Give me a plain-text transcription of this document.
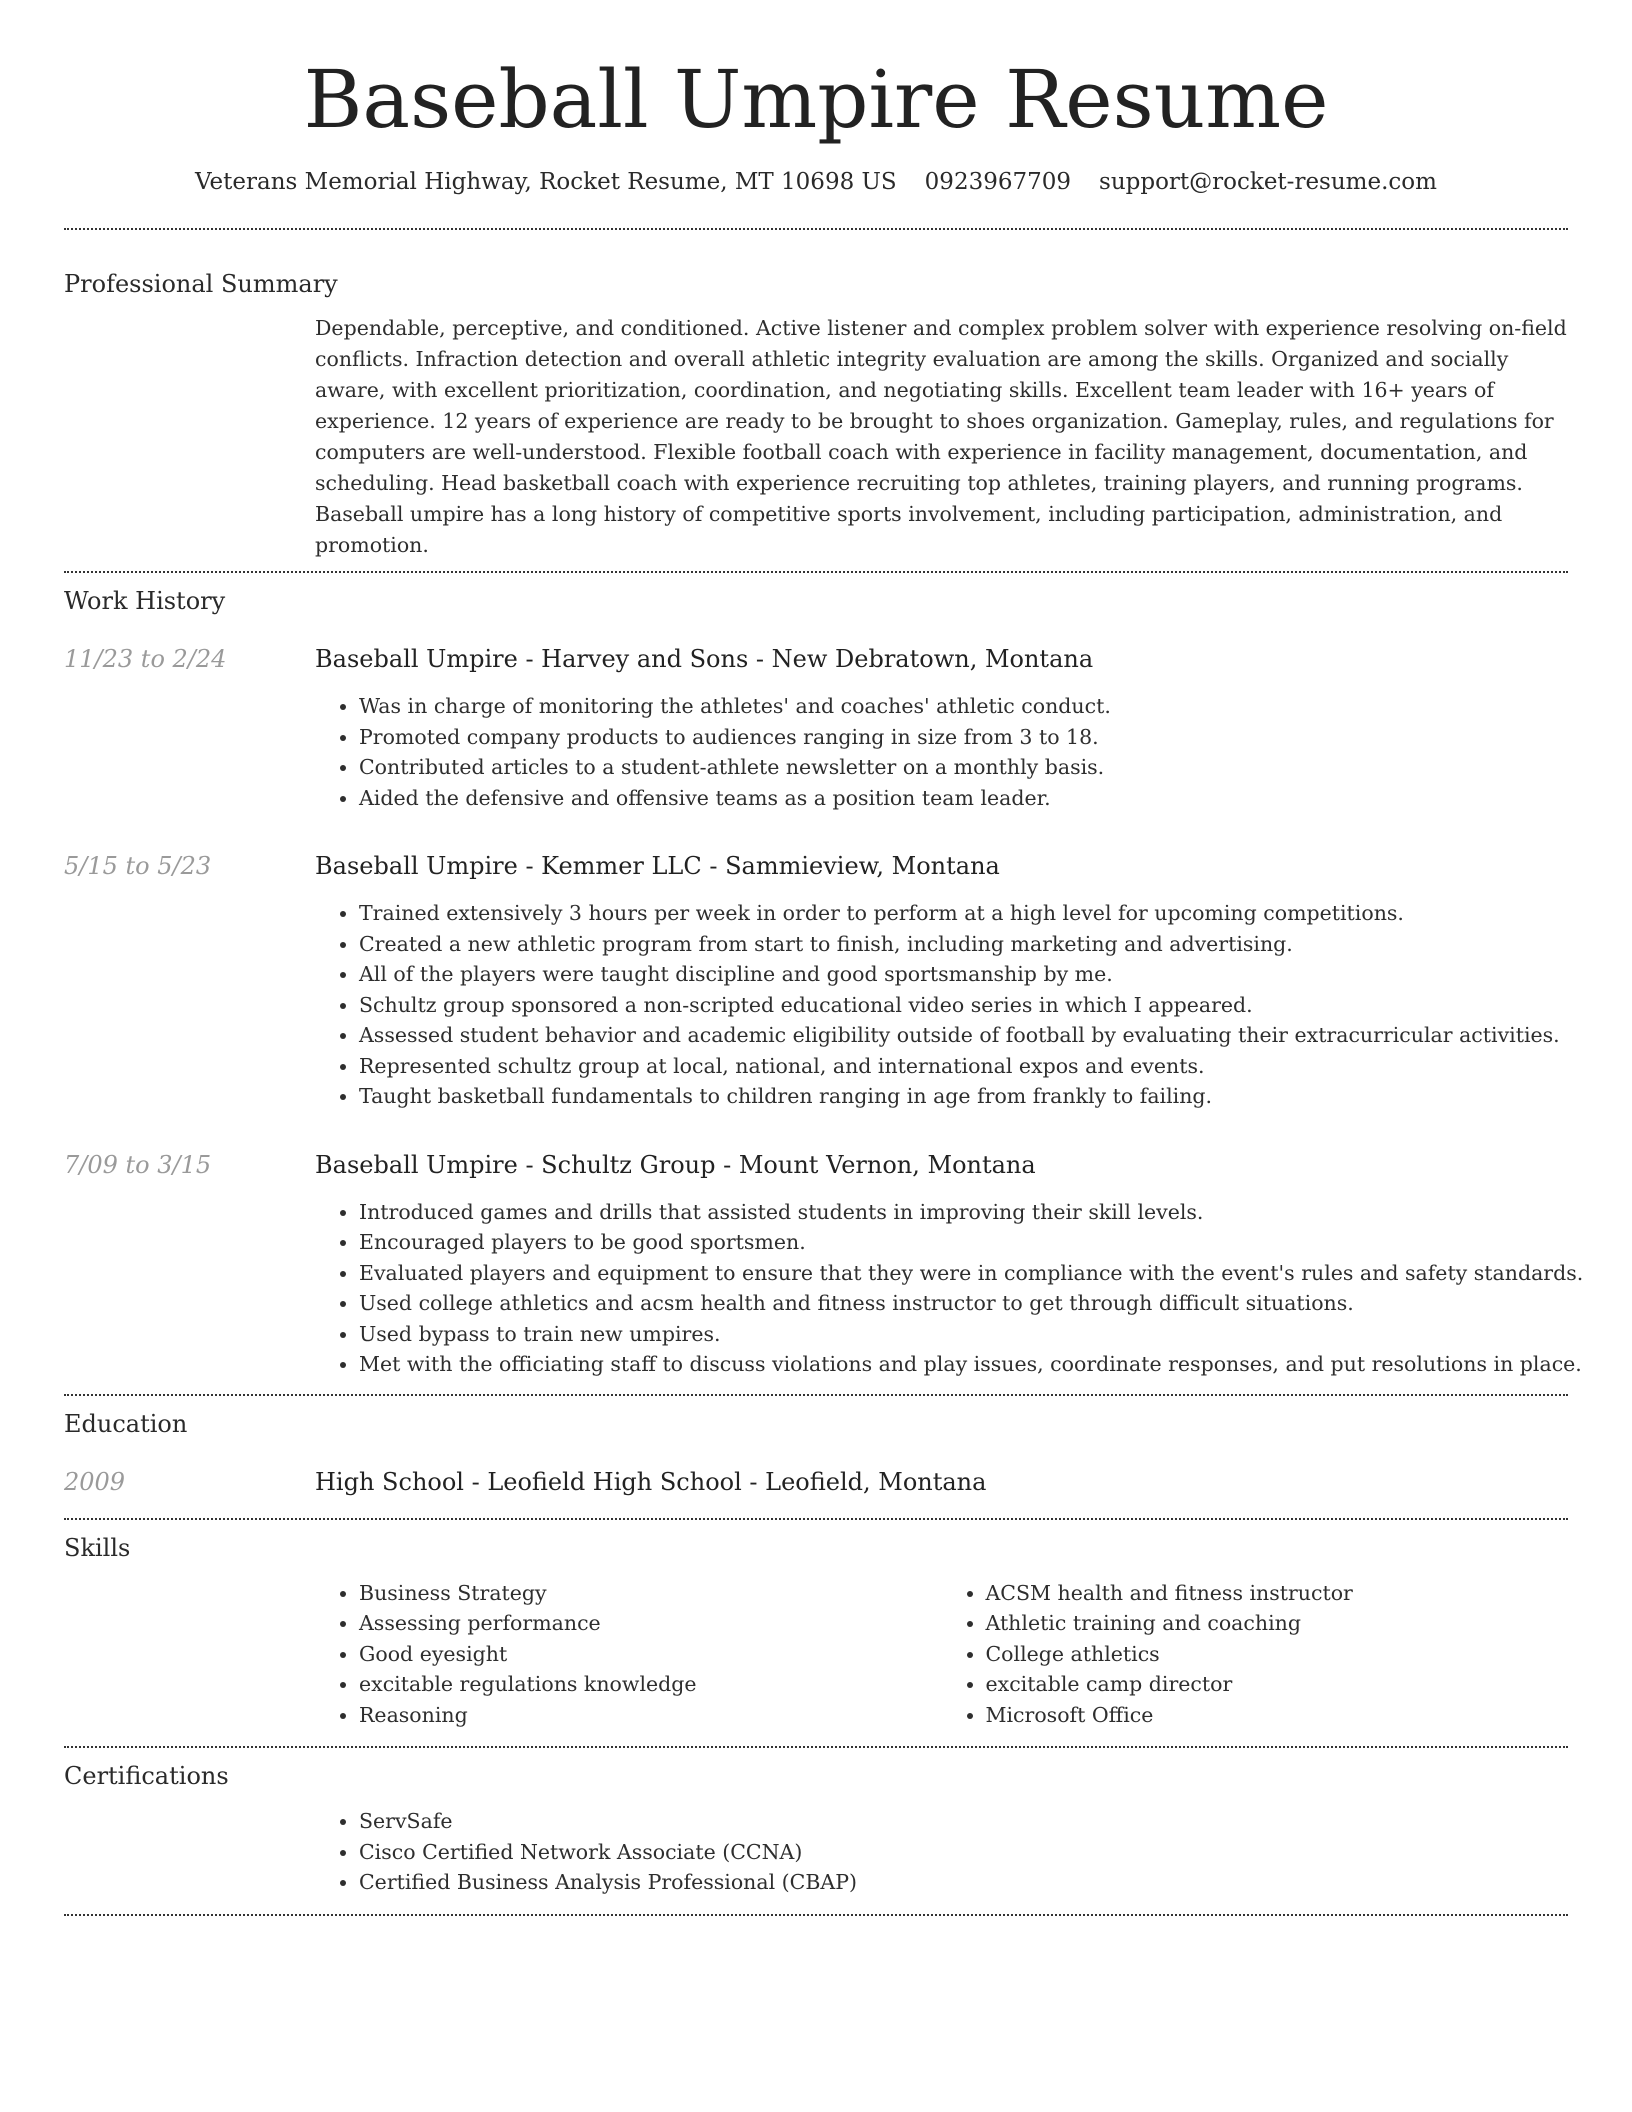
Baseball Umpire Resume
Veterans Memorial Highway, Rocket Resume, MT 10698 US 0923967709 support@rocket-resume.com
Professional Summary

Dependable, perceptive, and conditioned. Active listener and complex problem solver with experience resolving on-field conflicts. Infraction detection and overall athletic integrity evaluation are among the skills. Organized and socially aware, with excellent prioritization, coordination, and negotiating skills. Excellent team leader with 16+ years of experience. 12 years of experience are ready to be brought to shoes organization. Gameplay, rules, and regulations for computers are well-understood. Flexible football coach with experience in facility management, documentation, and scheduling. Head basketball coach with experience recruiting top athletes, training players, and running programs. Baseball umpire has a long history of competitive sports involvement, including participation, administration, and promotion.

Work History
11/23 to 2/24	Baseball Umpire - Harvey and Sons - New Debratown, Montana
• Was in charge of monitoring the athletes' and coaches' athletic conduct.
• Promoted company products to audiences ranging in size from 3 to 18.
• Contributed articles to a student-athlete newsletter on a monthly basis.
• Aided the defensive and offensive teams as a position team leader.
5/15 to 5/23	Baseball Umpire - Kemmer LLC - Sammieview, Montana
• Trained extensively 3 hours per week in order to perform at a high level for upcoming competitions.
• Created a new athletic program from start to finish, including marketing and advertising.
• All of the players were taught discipline and good sportsmanship by me.
• Schultz group sponsored a non-scripted educational video series in which I appeared.
• Assessed student behavior and academic eligibility outside of football by evaluating their extracurricular activities.
• Represented schultz group at local, national, and international expos and events.
• Taught basketball fundamentals to children ranging in age from frankly to failing.
7/09 to 3/15	Baseball Umpire - Schultz Group - Mount Vernon, Montana
• Introduced games and drills that assisted students in improving their skill levels.
• Encouraged players to be good sportsmen.
• Evaluated players and equipment to ensure that they were in compliance with the event's rules and safety standards.
• Used college athletics and acsm health and fitness instructor to get through difficult situations.
• Used bypass to train new umpires.
• Met with the officiating staff to discuss violations and play issues, coordinate responses, and put resolutions in place.
Education
2009	High School - Leofield High School - Leofield, Montana
Skills
• Business Strategy
• Assessing performance
• Good eyesight
• excitable regulations knowledge
• Reasoning
• ACSM health and fitness instructor
• Athletic training and coaching
• College athletics
• excitable camp director
• Microsoft Office
Certifications
• ServSafe
• Cisco Certified Network Associate (CCNA)
• Certified Business Analysis Professional (CBAP)
